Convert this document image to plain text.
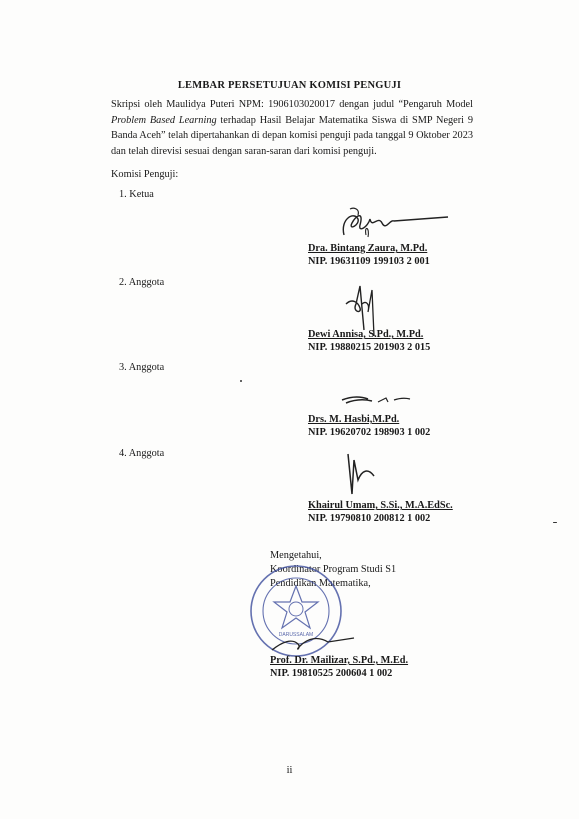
LEMBAR PERSETUJUAN KOMISI PENGUJI
Skripsi oleh Maulidya Puteri NPM: 1906103020017 dengan judul “Pengaruh Model Problem Based Learning terhadap Hasil Belajar Matematika Siswa di SMP Negeri 9 Banda Aceh” telah dipertahankan di depan komisi penguji pada tanggal 9 Oktober 2023 dan telah direvisi sesuai dengan saran-saran dari komisi penguji.
Komisi Penguji:
1. Ketua
Dra. Bintang Zaura, M.Pd.
NIP. 19631109 199103 2 001
2. Anggota
Dewi Annisa, S.Pd., M.Pd.
NIP. 19880215 201903 2 015
3. Anggota
Drs. M. Hasbi,M.Pd.
NIP. 19620702 198903 1 002
4. Anggota
Khairul Umam, S.Si., M.A.EdSc.
NIP. 19790810 200812 1 002
Mengetahui,
Koordinator Program Studi S1
Pendidikan Matematika,
DARUSSALAM
Prof. Dr. Mailizar, S.Pd., M.Ed.
NIP. 19810525 200604 1 002
ii
